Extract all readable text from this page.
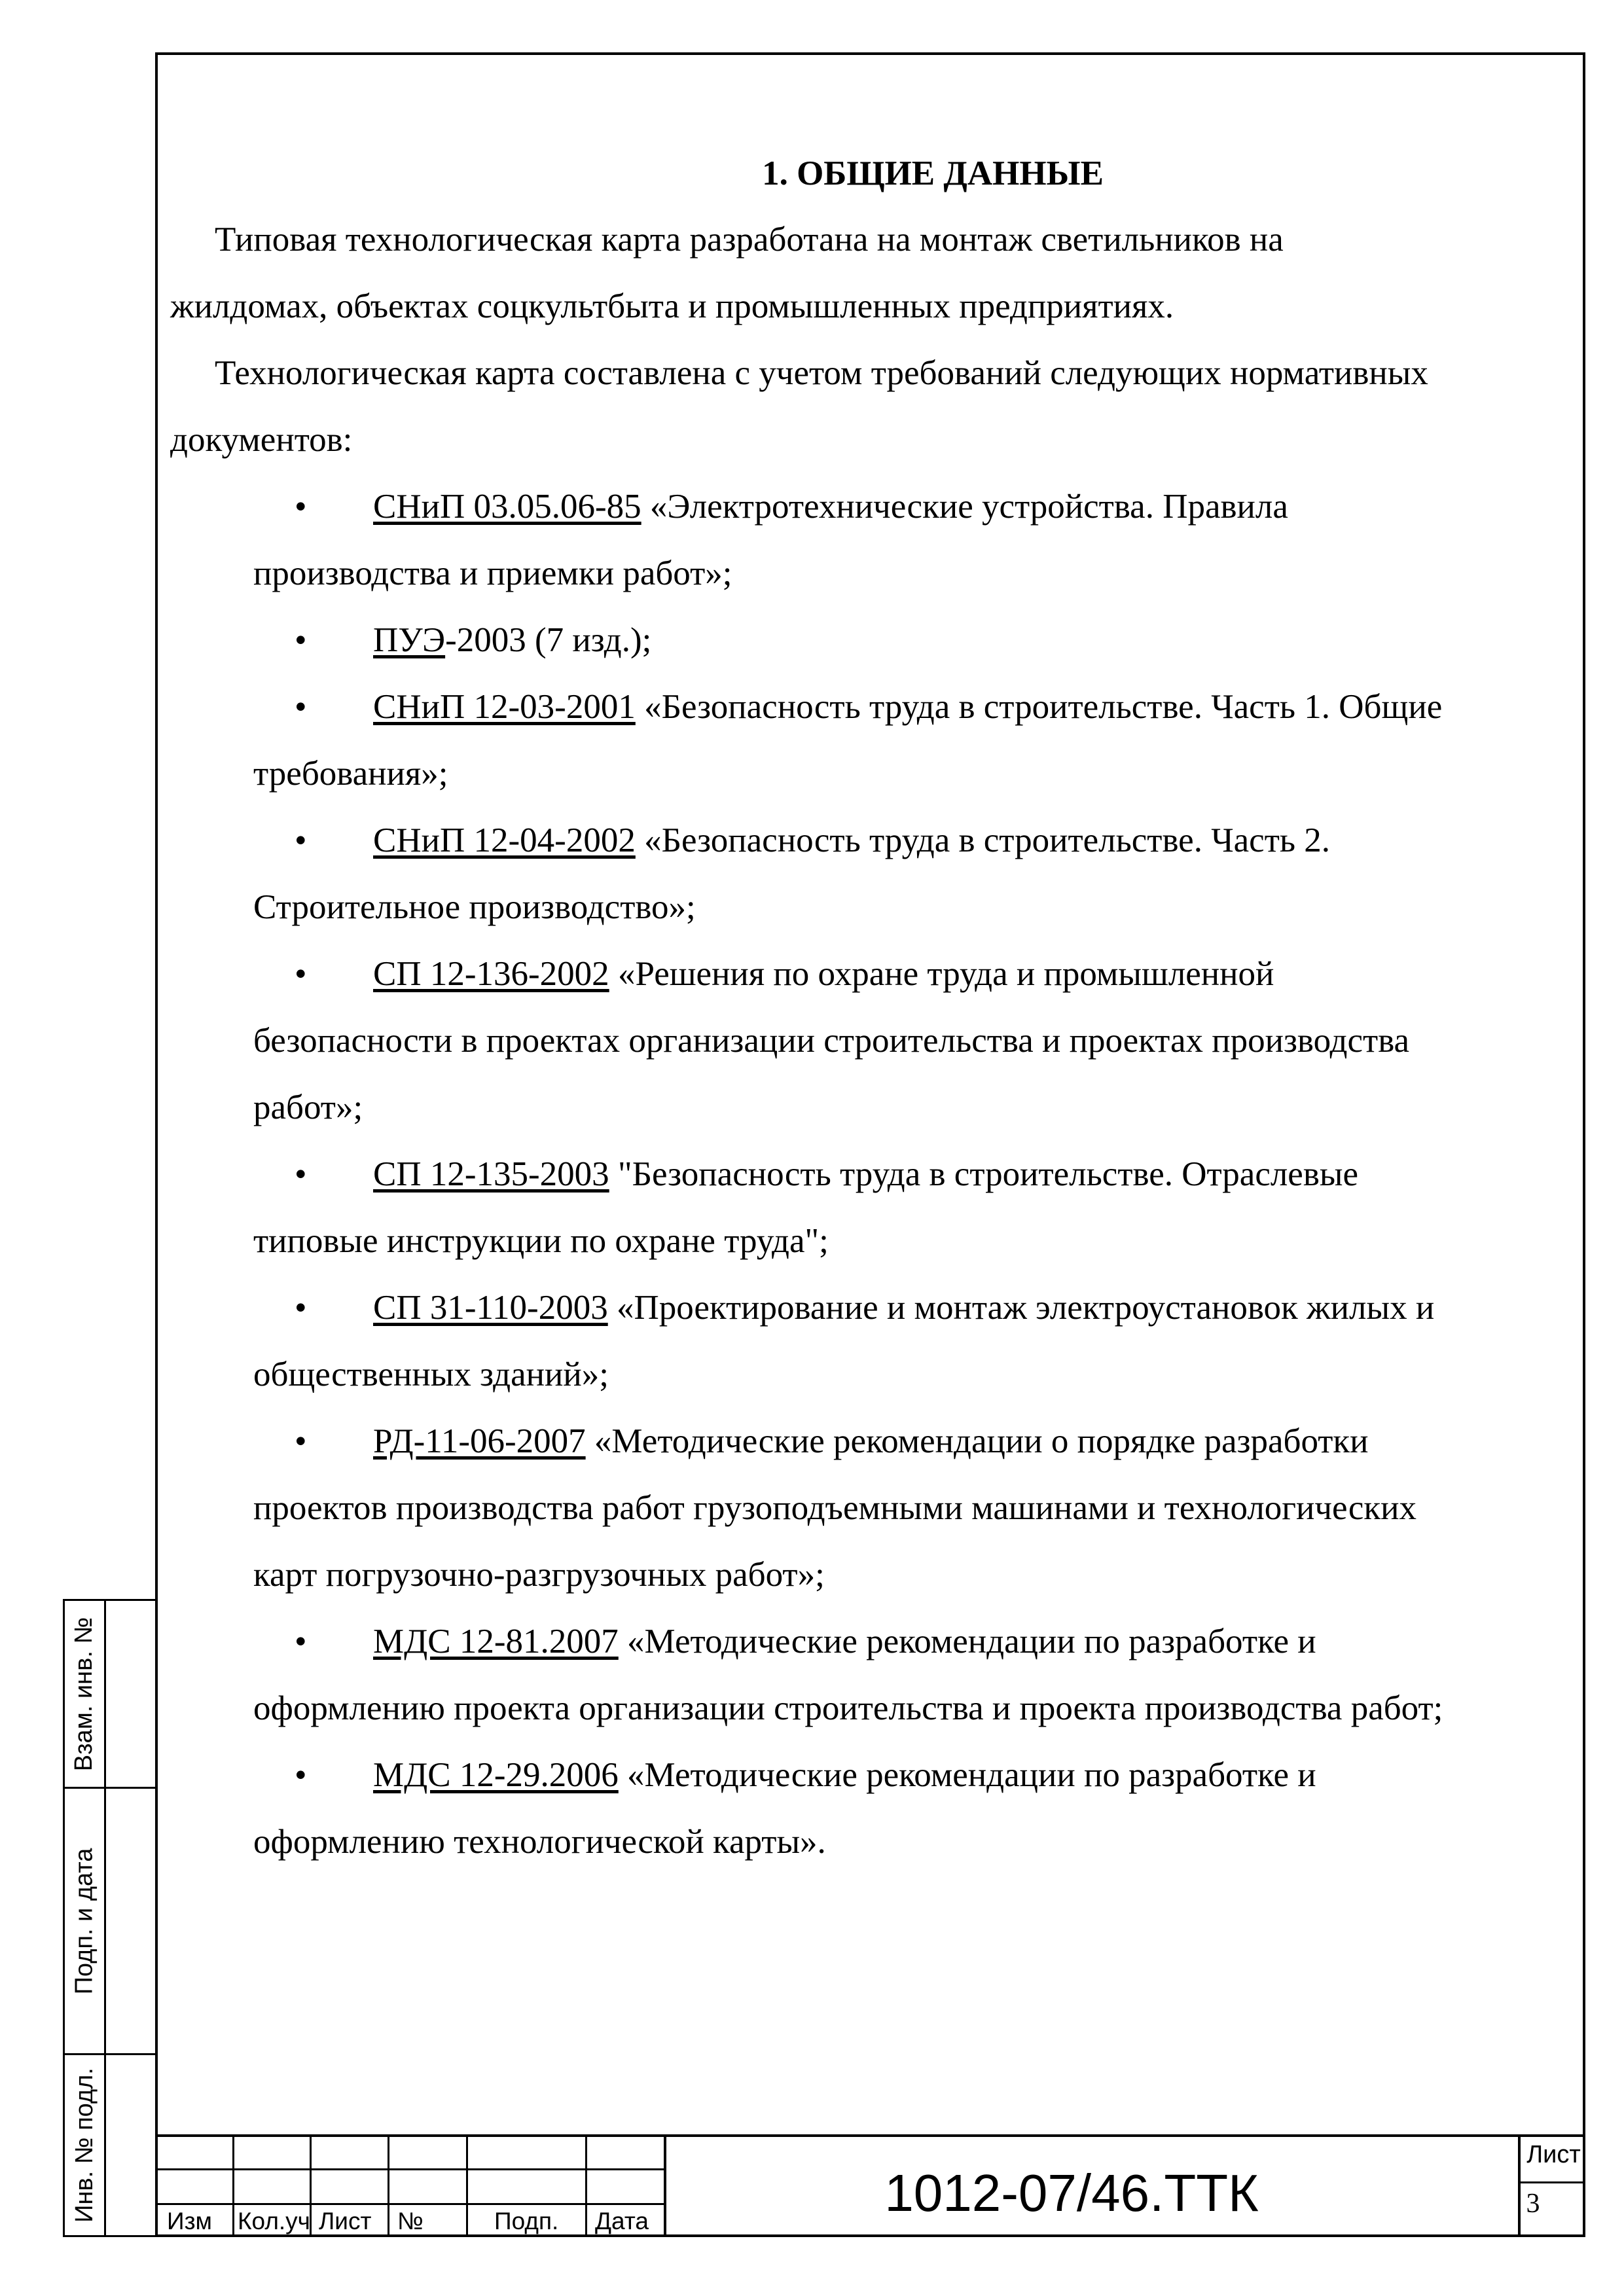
1. ОБЩИЕ ДАННЫЕ

Типовая технологическая карта разработана на монтаж светильников на
жилдомах, объектах соцкультбыта и промышленных предприятиях.

Технологическая карта составлена с учетом требований следующих нормативных
документов:

•	СНиП 03.05.06-85 «Электротехнические устройства. Правила
производства и приемки работ»;
•	ПУЭ-2003 (7 изд.);
•	СНиП 12-03-2001 «Безопасность труда в строительстве. Часть 1. Общие
требования»;
•	СНиП 12-04-2002 «Безопасность труда в строительстве. Часть 2.
Строительное производство»;
•	СП 12-136-2002 «Решения по охране труда и промышленной
безопасности в проектах организации строительства и проектах производства
работ»;
•	СП 12-135-2003 "Безопасность труда в строительстве. Отраслевые
типовые инструкции по охране труда";
•	СП 31-110-2003 «Проектирование и монтаж электроустановок жилых и
общественных зданий»;
•	РД-11-06-2007 «Методические рекомендации о порядке разработки
проектов производства работ грузоподъемными машинами и технологических
карт погрузочно-разгрузочных работ»;
•	МДС 12-81.2007 «Методические рекомендации по разработке и
оформлению проекта организации строительства и проекта производства работ;
•	МДС 12-29.2006 «Методические рекомендации по разработке и
оформлению технологической карты».
Взам. инв. №
Подп. и дата
Инв. № подл.	Изм Кол.уч Лист №	Подп. Дата	1012-07/46.ТТК
Лист
3
